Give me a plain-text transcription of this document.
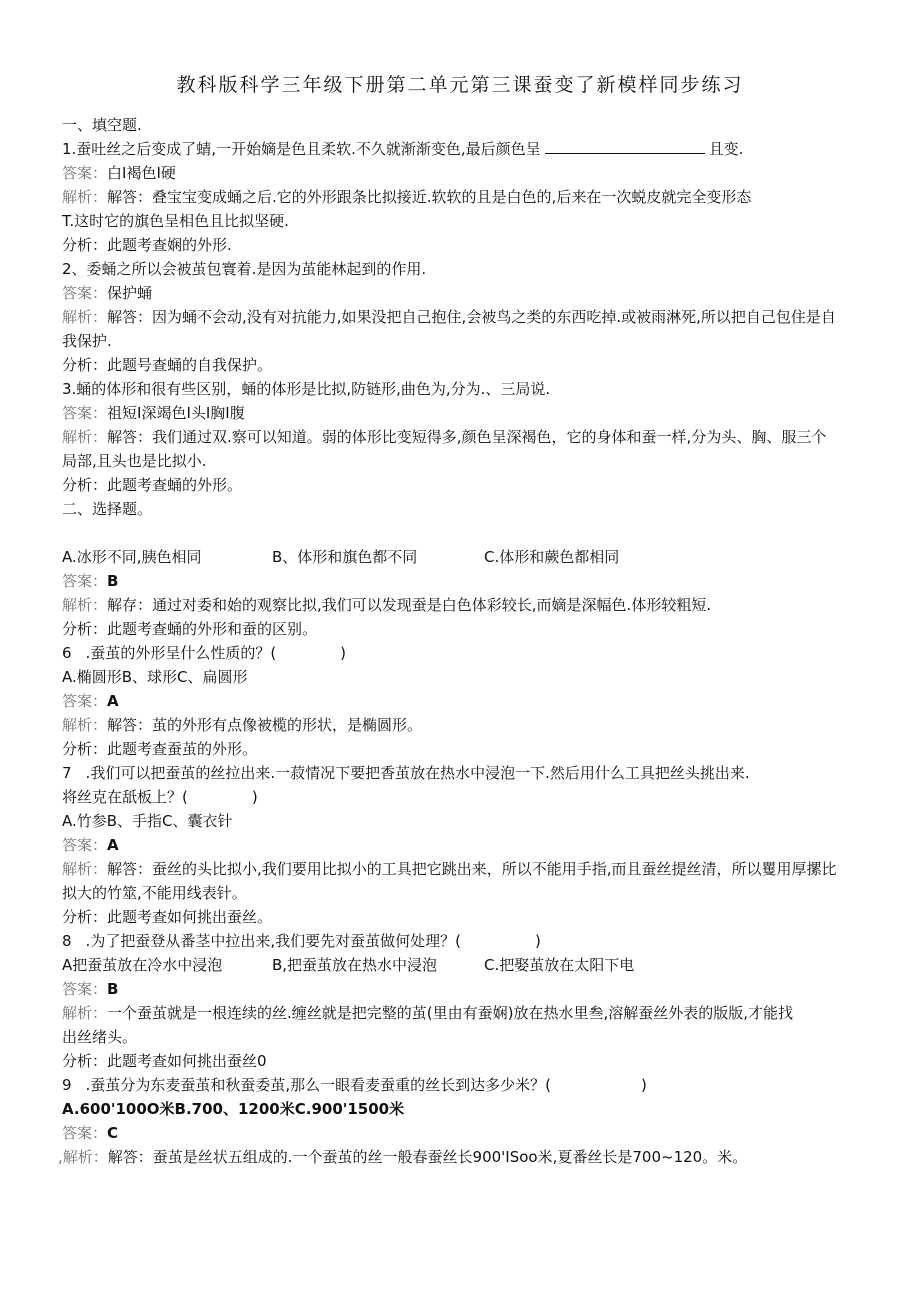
教科版科学三年级下册第二单元第三课蚕变了新模样同步练习
一、填空题.
1.蚕吐丝之后变成了蜻,一开始嫡是色且柔软.不久就渐渐变色,最后颜色呈	且变.
答案：白I褐色I硬
解析：解答：叠宝宝变成蛹之后.它的外形跟条比拟接近.软软的且是白色的,后来在一次蜕皮就完全变形态
T.这时它的旗色呈相色且比拟坚硬.
分析：此题考查娴的外形.
2、委蛹之所以会被茧包寰着.是因为茧能林起到的作用.
答案：保护蛹
解析：解答：因为蛹不会动,没有对抗能力,如果没把自己抱住,会被鸟之类的东西吃掉.或被雨淋死,所以把自己包住是自
我保护.
分析：此题号查蛹的自我保护。
3.蛹的体形和很有些区别，蛹的体形是比拟,防链形,曲色为,分为.、三局说.
答案：祖短I深竭色I头I胸I腹
解析：解答：我们通过双.察可以知道。弱的体形比变短得多,颜色呈深褐色，它的身体和蚕一样,分为头、胸、服三个
局部,且头也是比拟小.
分析：此题考查蛹的外形。
二、选择题。
A.冰形不同,胰色相同	B、体形和旗色都不同	C.体形和蕨色都相同
答案：B
解析：解存：通过对委和始的观察比拟,我们可以发现蚕是白色体彩较长,而嫡是深幅色.体形较粗短.
分析：此题考查蛹的外形和蚕的区别。
6 .蚕茧的外形呈什么性质的？(	)
A.椭圆形B、球形C、扁圆形
答案：A
解析：解答：茧的外形有点像被榄的形状，是椭圆形。
分析：此题考查蚕茧的外形。
7 .我们可以把蚕茧的丝拉出来.一菽情况下要把香茧放在热水中浸泡一下.然后用什么工具把丝头挑出来.
将丝克在舐板上？(	)
A.竹参B、手指C、囊衣针
答案：A
解析：解答：蚕丝的头比拟小,我们要用比拟小的工具把它跳出来，所以不能用手指,而且蚕丝提丝清，所以矍用厚摞比
拟大的竹筮,不能用线表针。
分析：此题考查如何挑出蚕丝。
8 .为了把蚕登从番茎中拉出来,我们要先对蚕茧做何处理？(	)
A把蚕茧放在冷水中浸泡	B,把蚕茧放在热水中浸泡	C.把娶茧放在太阳下电
答案：B
解析：一个蚕茧就是一根连续的丝.缠丝就是把完整的茧(里由有蚕娴)放在热水里叁,溶解蚕丝外表的版版,才能找
出丝绪头。
分析：此题考查如何挑出蚕丝0
9 .蚕茧分为东麦蚕茧和秋蚕委茧,那么一眼看麦蚕重的丝长到达多少米？(	)
A.600'100O米B.700、1200米C.900'1500米
答案：C
,解析：解答：蚕茧是丝状五组成的.一个蚕茧的丝一般春蚕丝长900'ISoo米,夏番丝长是700~120。米。
